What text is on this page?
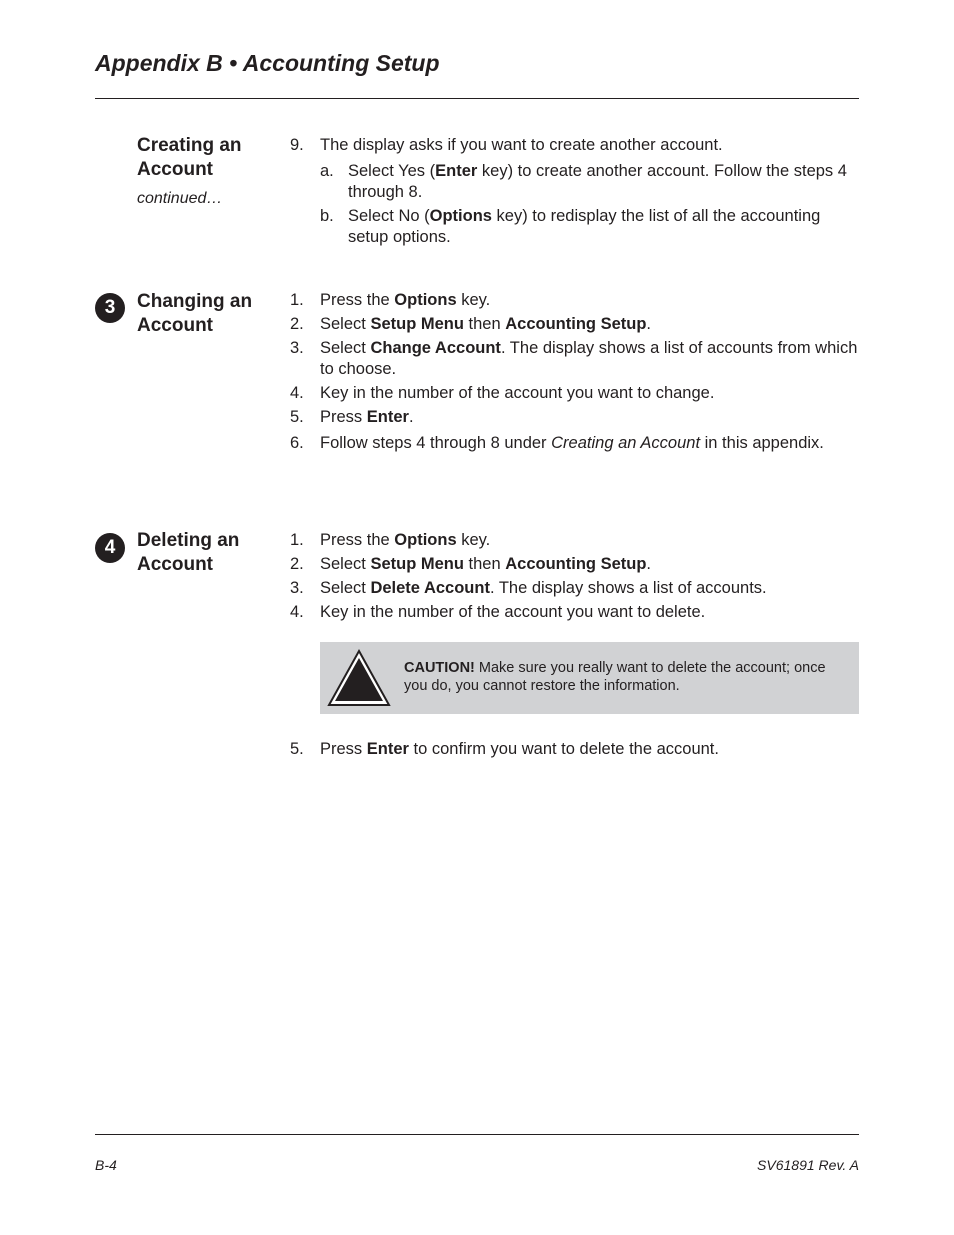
Appendix B • Accounting Setup
Creating an
Account
continued…
9. The display asks if you want to create another account.
a. Select Yes (Enter key) to create another account. Follow the steps 4 through 8.
b. Select No (Options key) to redisplay the list of all the accounting setup options.
3	Changing an
Account
1. Press the Options key.
2. Select Setup Menu then Accounting Setup.
3. Select Change Account. The display shows a list of accounts from which to choose.
4. Key in the number of the account you want to change.
5. Press Enter.
6. Follow steps 4 through 8 under Creating an Account in this appendix.
4	Deleting an
Account
1. Press the Options key.
2. Select Setup Menu then Accounting Setup.
3. Select Delete Account. The display shows a list of accounts.
4. Key in the number of the account you want to delete.
CAUTION! Make sure you really want to delete the account; once you do, you cannot restore the information.
5. Press Enter to confirm you want to delete the account.
B-4	SV61891 Rev. A
